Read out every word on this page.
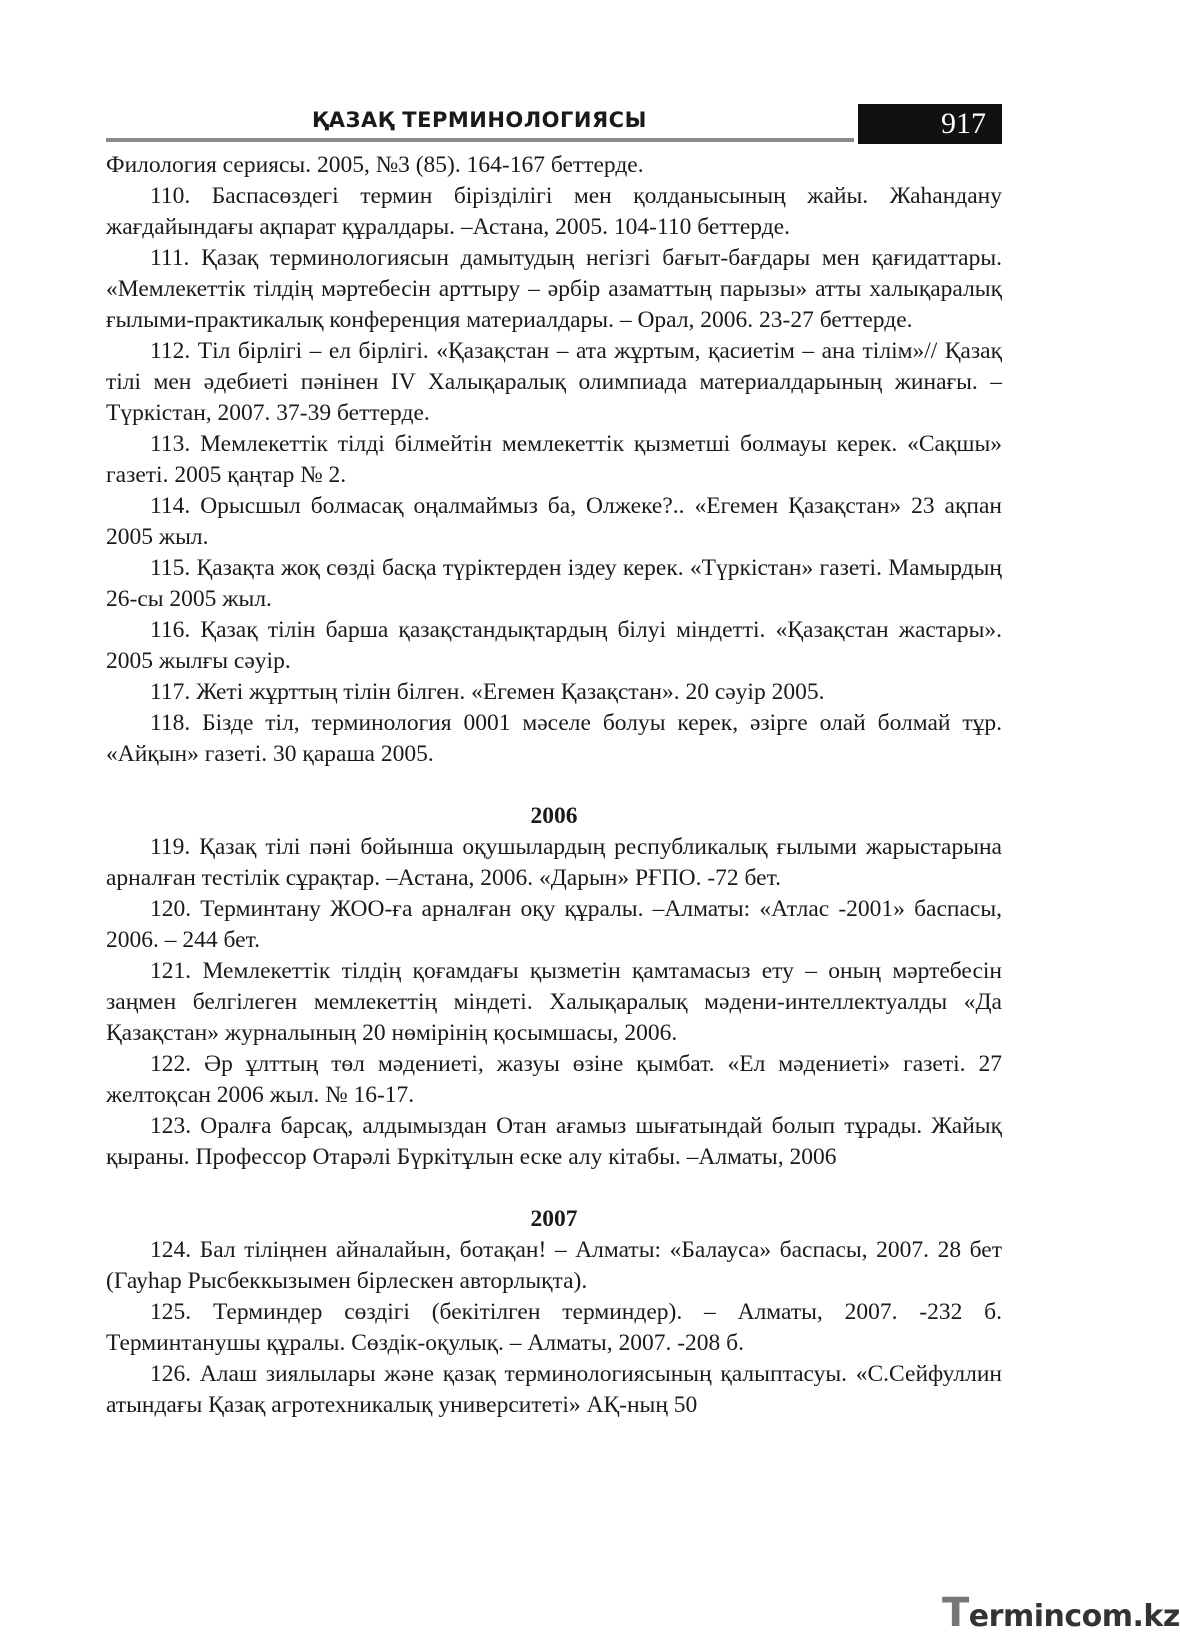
ҚАЗАҚ ТЕРМИНОЛОГИЯСЫ	917

Филология сериясы. 2005, №3 (85). 164-167 беттерде.

110. Баспасөздегі термин бірізділігі мен қолданысының жайы. Жаһандану жағдайындағы ақпарат құралдары. –Астана, 2005. 104-110 беттерде.

111. Қазақ терминологиясын дамытудың негізгі бағыт-бағдары мен қағидаттары. «Мемлекеттік тілдің мәртебесін арттыру – әрбір азаматтың парызы» атты халықаралық ғылыми-практикалық конференция материалдары. – Орал, 2006. 23-27 беттерде.

112. Тіл бірлігі – ел бірлігі. «Қазақстан – ата жұртым, қасиетім – ана тілім»// Қазақ тілі мен әдебиеті пәнінен IV Халықаралық олимпиада материалдарының жинағы. – Түркістан, 2007. 37-39 беттерде.

113. Мемлекеттік тілді білмейтін мемлекеттік қызметші болмауы керек. «Сақшы» газеті. 2005 қаңтар № 2.

114. Орысшыл болмасақ оңалмаймыз ба, Олжеке?.. «Егемен Қазақстан» 23 ақпан 2005 жыл.

115. Қазақта жоқ сөзді басқа түріктерден іздеу керек. «Түркістан» газеті. Мамырдың 26-сы 2005 жыл.

116. Қазақ тілін барша қазақстандықтардың білуі міндетті. «Қазақстан жастары». 2005 жылғы сәуір.

117. Жеті жұрттың тілін білген. «Егемен Қазақстан». 20 сәуір 2005.

118. Бізде тіл, терминология 0001 мәселе болуы керек, әзірге олай болмай тұр. «Айқын» газеті. 30 қараша 2005.

2006

119. Қазақ тілі пәні бойынша оқушылардың республикалық ғылыми жарыстарына арналған тестілік сұрақтар. –Астана, 2006. «Дарын» РҒПО. -72 бет.

120. Терминтану ЖОО-ға арналған оқу құралы. –Алматы: «Атлас -2001» баспасы, 2006. – 244 бет.

121. Мемлекеттік тілдің қоғамдағы қызметін қамтамасыз ету – оның мәртебесін заңмен белгілеген мемлекеттің міндеті. Халықаралық мәдени-интеллектуалды «Да Қазақстан» журналының 20 нөмірінің қосымшасы, 2006.

122. Әр ұлттың төл мәдениеті, жазуы өзіне қымбат. «Ел мәдениеті» газеті. 27 желтоқсан 2006 жыл. № 16-17.

123. Оралға барсақ, алдымыздан Отан ағамыз шығатындай болып тұрады. Жайық қыраны. Профессор Отарәлі Бүркітұлын еске алу кітабы. –Алматы, 2006

2007

124. Бал тіліңнен айналайын, ботақан! – Алматы: «Балауса» баспасы, 2007. 28 бет (Гауһар Рысбеккызымен бірлескен авторлықта).

125. Терминдер сөздігі (бекітілген терминдер). – Алматы, 2007. -232 б. Терминтанушы құралы. Сөздік-оқулық. – Алматы, 2007. -208 б.

126. Алаш зиялылары және қазақ терминологиясының қалыптасуы. «С.Сейфуллин атындағы Қазақ агротехникалық университеті» АҚ-ның 50

Termincom.kz
